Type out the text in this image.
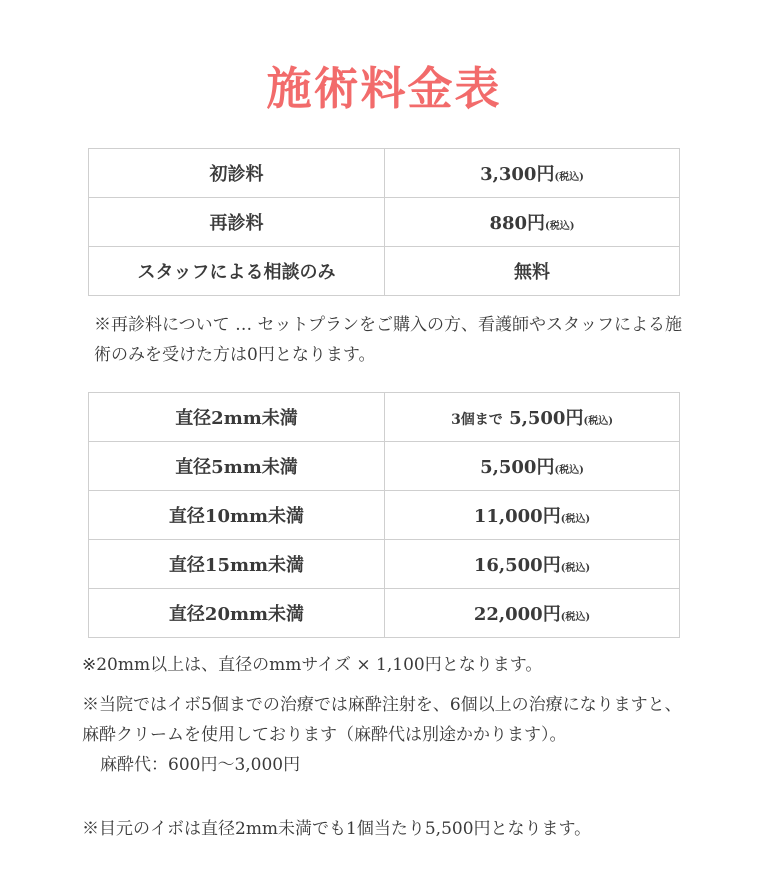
施術料金表
初診料	3,300円(税込)
再診料	880円(税込)
スタッフによる相談のみ	無料

※再診料について … セットプランをご購入の方、看護師やスタッフによる施術のみを受けた方は0円となります。

直径2mm未満	3個まで 5,500円(税込)
直径5mm未満	5,500円(税込)
直径10mm未満	11,000円(税込)
直径15mm未満	16,500円(税込)
直径20mm未満	22,000円(税込)

※20mm以上は、直径のmmサイズ × 1,100円となります。

※当院ではイボ5個までの治療では麻酔注射を、6個以上の治療になりますと、麻酔クリームを使用しております（麻酔代は別途かかります）。
麻酔代：600円〜3,000円

※目元のイボは直径2mm未満でも1個当たり5,500円となります。
